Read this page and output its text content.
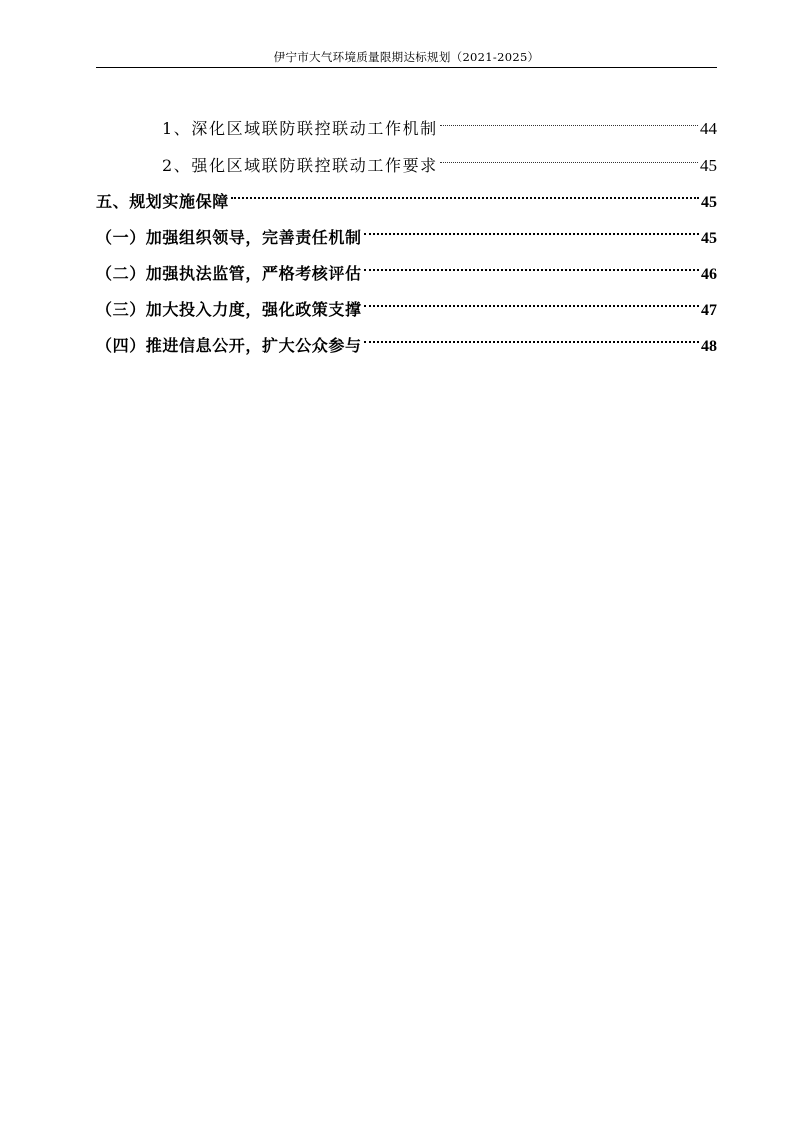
伊宁市大气环境质量限期达标规划（2021-2025）
1、深化区域联防联控联动工作机制	44
2、强化区域联防联控联动工作要求	45
五、规划实施保障	45
（一）加强组织领导，完善责任机制	45
（二）加强执法监管，严格考核评估	46
（三）加大投入力度，强化政策支撑	47
（四）推进信息公开，扩大公众参与	48
